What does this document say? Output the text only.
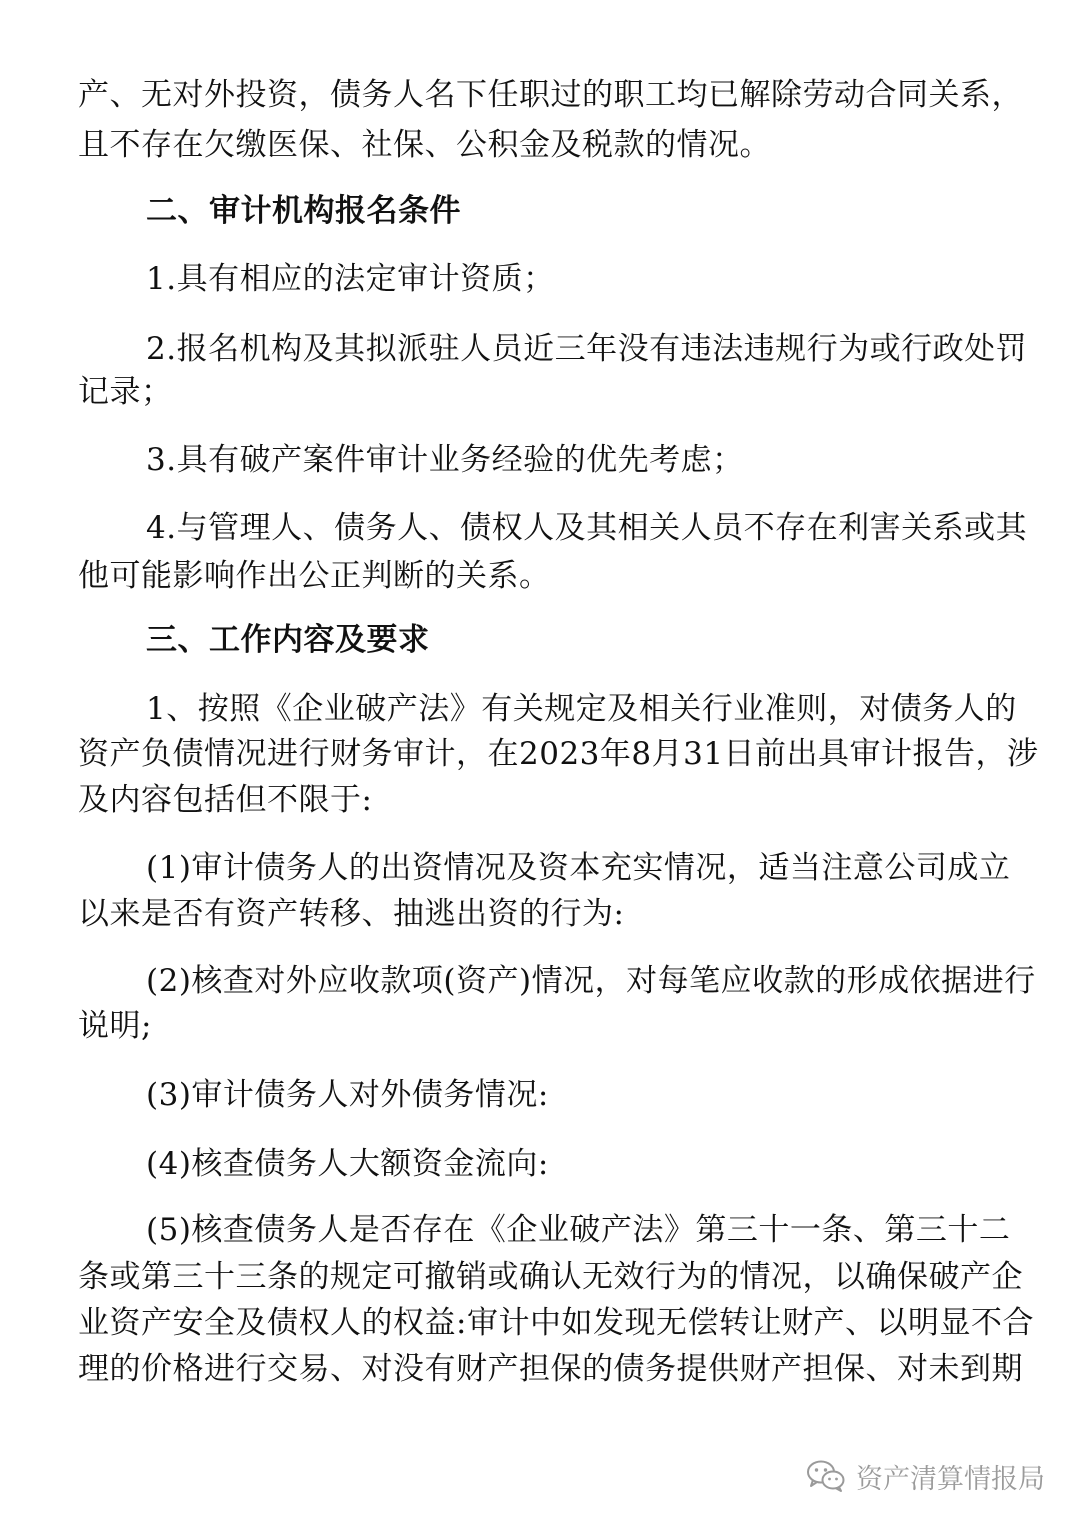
产、无对外投资，债务人名下任职过的职工均已解除劳动合同关系，
且不存在欠缴医保、社保、公积金及税款的情况。
二、审计机构报名条件
1.具有相应的法定审计资质；
2.报名机构及其拟派驻人员近三年没有违法违规行为或行政处罚
记录；
3.具有破产案件审计业务经验的优先考虑；
4.与管理人、债务人、债权人及其相关人员不存在利害关系或其
他可能影响作出公正判断的关系。
三、工作内容及要求
1、按照《企业破产法》有关规定及相关行业准则，对债务人的
资产负债情况进行财务审计，在2023年8月31日前出具审计报告，涉
及内容包括但不限于:
(1)审计债务人的出资情况及资本充实情况，适当注意公司成立
以来是否有资产转移、抽逃出资的行为:
(2)核查对外应收款项(资产)情况，对每笔应收款的形成依据进行
说明;
(3)审计债务人对外债务情况:
(4)核查债务人大额资金流向:
(5)核查债务人是否存在《企业破产法》第三十一条、第三十二
条或第三十三条的规定可撤销或确认无效行为的情况，以确保破产企
业资产安全及债权人的权益:审计中如发现无偿转让财产、以明显不合
理的价格进行交易、对没有财产担保的债务提供财产担保、对未到期
资产清算情报局
